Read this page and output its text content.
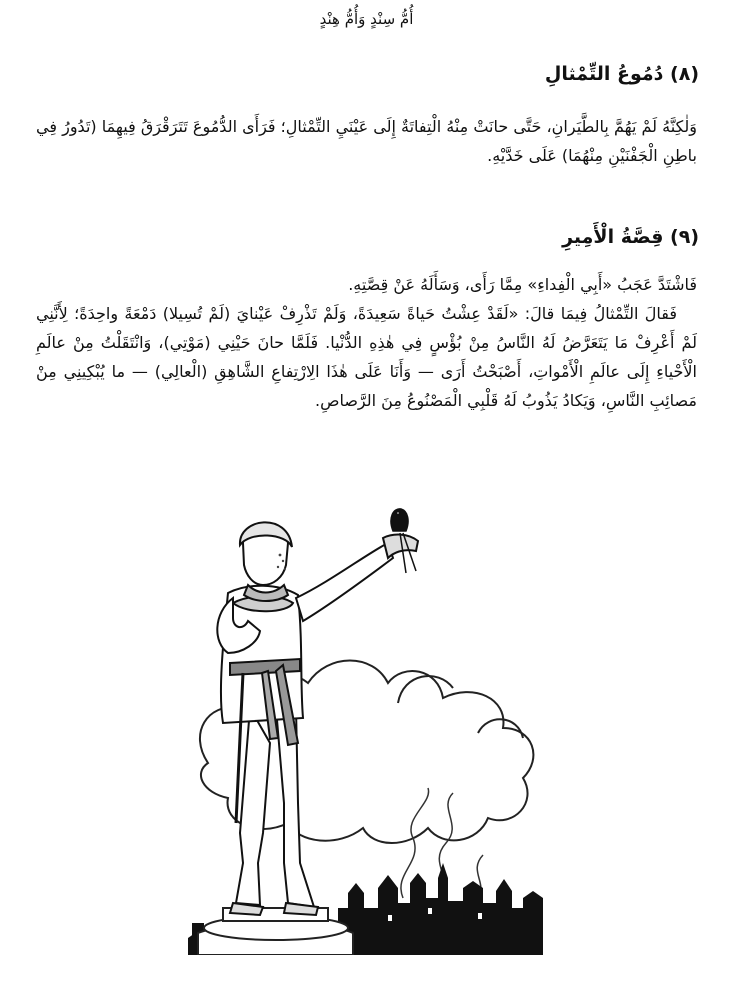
أُمُّ سِنْدٍ وَأُمُّ هِنْدٍ
(٨) دُمُوعُ التِّمْثالِ

وَلٰكِنَّهُ لَمْ يَهُمَّ بِالطَّيَرانِ، حَتَّى حانَتْ مِنْهُ الْتِفاتَةٌ إِلَى عَيْنَيِ التِّمْثالِ؛ فَرَأَى الدُّمُوعَ تَتَرَقْرَقُ فِيهِمَا (تَدُورُ فِي باطِنِ الْجَفْنَيْنِ مِنْهُمَا) عَلَى خَدَّيْهِ.

(٩) قِصَّةُ الْأَمِيرِ

فَاشْتَدَّ عَجَبُ «أَبِي الْفِداءِ» مِمَّا رَأَى، وَسَأَلَهُ عَنْ قِصَّتِهِ.

فَقالَ التِّمْثالُ فِيمَا قالَ: «لَقَدْ عِشْتُ حَياةً سَعِيدَةً، وَلَمْ تَذْرِفْ عَيْنايَ (لَمْ تُسِيلا) دَمْعَةً واحِدَةً؛ لِأَنَّنِي لَمْ أَعْرِفْ مَا يَتَعَرَّضُ لَهُ النَّاسُ مِنْ بُؤْسٍ فِي هٰذِهِ الدُّنْيا. فَلَمَّا حانَ حَيْنِي (مَوْتِي)، وَانْتَقَلْتُ مِنْ عالَمِ الْأَحْياءِ إِلَى عالَمِ الْأَمْواتِ، أَصْبَحْتُ أَرَى — وَأَنَا عَلَى هٰذَا الِارْتِفاعِ الشَّاهِقِ (الْعالِي) — ما يُبْكِينِي مِنْ مَصائِبِ النَّاسِ، وَيَكادُ يَذُوبُ لَهُ قَلْبِي الْمَصْنُوعُ مِنَ الرَّصاصِ.
